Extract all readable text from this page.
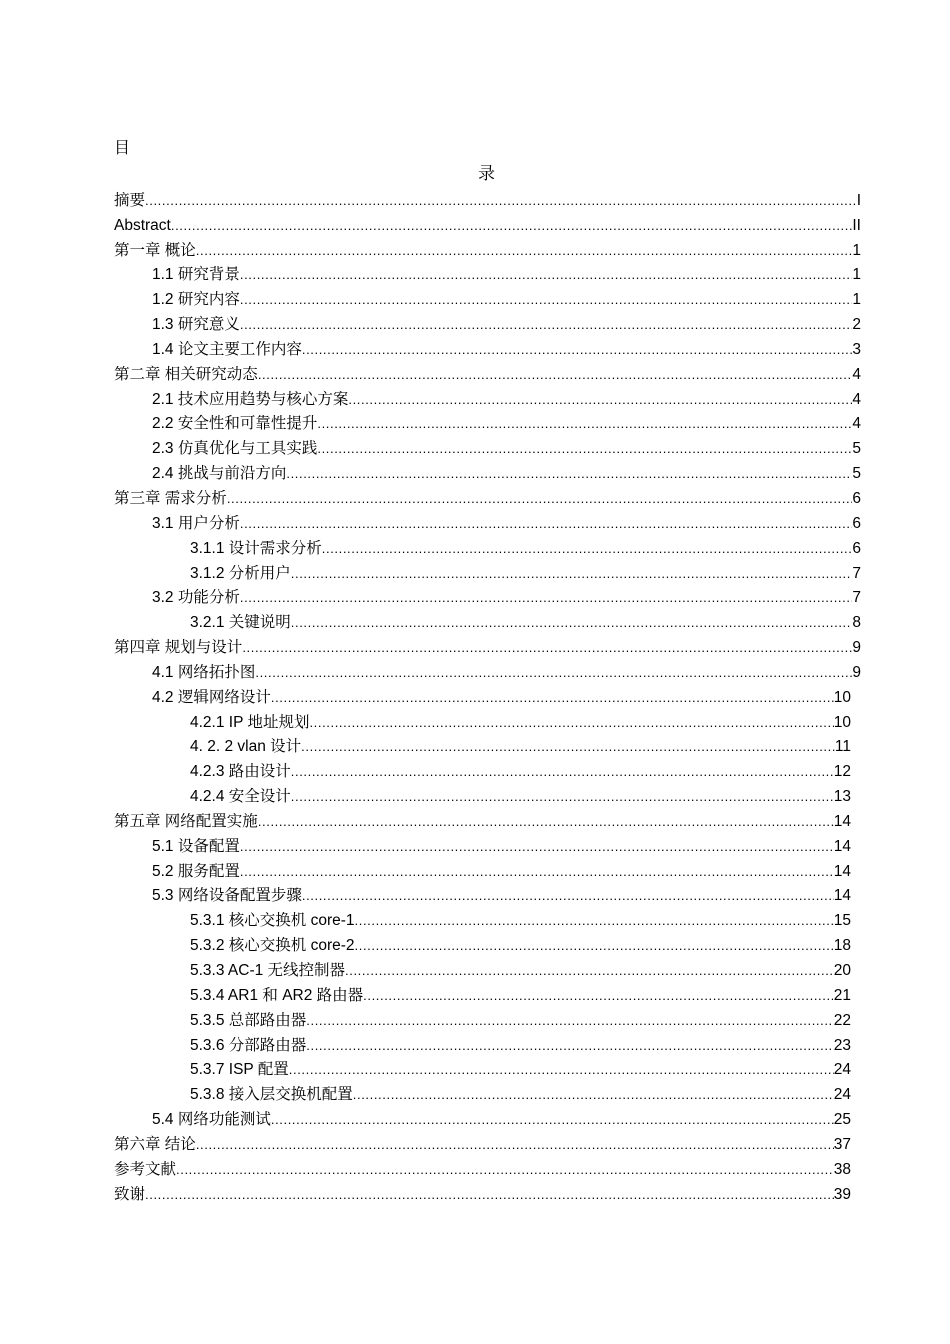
目
录
摘要 .....	I
Abstract .....	II
第一章 概论 .....	1
1.1 研究背景 .....	1
1.2 研究内容 .....	1
1.3 研究意义 .....	2
1.4 论文主要工作内容 .....	3
第二章 相关研究动态 .....	4
2.1 技术应用趋势与核心方案 .....	4
2.2 安全性和可靠性提升 .....	4
2.3 仿真优化与工具实践 .....	5
2.4 挑战与前沿方向 .....	5
第三章 需求分析 .....	6
3.1 用户分析 .....	6
3.1.1 设计需求分析 .....	6
3.1.2 分析用户 .....	7
3.2 功能分析 .....	7
3.2.1 关键说明 .....	8
第四章 规划与设计 .....	9
4.1 网络拓扑图 .....	9
4.2 逻辑网络设计 .....	10
4.2.1 IP 地址规划 .....	10
4. 2. 2 vlan 设计 .....	11
4.2.3 路由设计 .....	12
4.2.4 安全设计 .....	13
第五章 网络配置实施 .....	14
5.1 设备配置 .....	14
5.2 服务配置 .....	14
5.3 网络设备配置步骤 .....	14
5.3.1 核心交换机 core-1 .....	15
5.3.2 核心交换机 core-2 .....	18
5.3.3 AC-1 无线控制器 .....	20
5.3.4 AR1 和 AR2 路由器 .....	21
5.3.5 总部路由器 .....	22
5.3.6 分部路由器 .....	23
5.3.7 ISP 配置 .....	24
5.3.8 接入层交换机配置 .....	24
5.4 网络功能测试 .....	25
第六章 结论 .....	37
参考文献 .....	38
致谢 .....	39
